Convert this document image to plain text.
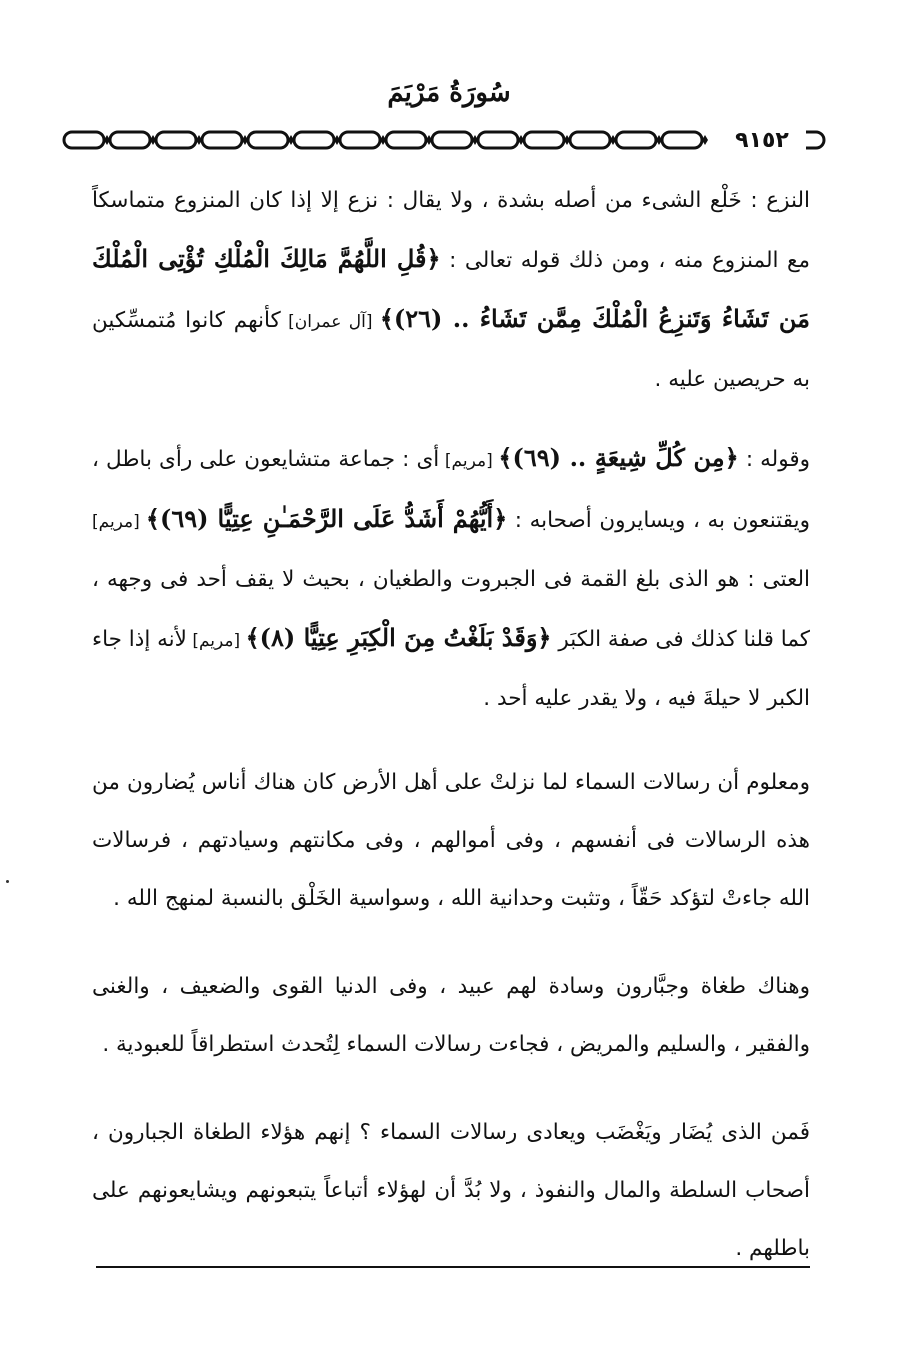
سُورَةُ مَرْيَمَ
٩١٥٢

النزع : خَلْع الشىء من أصله بشدة ، ولا يقال : نزع إلا إذا كان المنزوع متماسكاً مع المنزوع منه ، ومن ذلك قوله تعالى : ﴿قُلِ اللَّهُمَّ مَالِكَ الْمُلْكِ تُؤْتِى الْمُلْكَ مَن تَشَاءُ وَتَنزِعُ الْمُلْكَ مِمَّن تَشَاءُ .. (٢٦)﴾ [آل عمران] كأنهم كانوا مُتمسِّكين به حريصين عليه .

وقوله : ﴿مِن كُلِّ شِيعَةٍ .. (٦٩)﴾ [مريم] أى : جماعة متشايعون على رأى باطل ، ويقتنعون به ، ويسايرون أصحابه : ﴿أَيُّهُمْ أَشَدُّ عَلَى الرَّحْمَـٰنِ عِتِيًّا (٦٩)﴾ [مريم] العتى : هو الذى بلغ القمة فى الجبروت والطغيان ، بحيث لا يقف أحد فى وجهه ، كما قلنا كذلك فى صفة الكبَر ﴿وَقَدْ بَلَغْتُ مِنَ الْكِبَرِ عِتِيًّا (٨)﴾ [مريم] لأنه إذا جاء الكبر لا حيلةَ فيه ، ولا يقدر عليه أحد .

ومعلوم أن رسالات السماء لما نزلتْ على أهل الأرض كان هناك أناس يُضارون من هذه الرسالات فى أنفسهم ، وفى أموالهم ، وفى مكانتهم وسيادتهم ، فرسالات الله جاءتْ لتؤكد حَقّاً ، وتثبت وحدانية الله ، وسواسية الخَلْق بالنسبة لمنهج الله .

وهناك طغاة وجبَّارون وسادة لهم عبيد ، وفى الدنيا القوى والضعيف ، والغنى والفقير ، والسليم والمريض ، فجاءت رسالات السماء لِتُحدث استطراقاً للعبودية .

فَمن الذى يُضَار ويَغْضَب ويعادى رسالات السماء ؟ إنهم هؤلاء الطغاة الجبارون ، أصحاب السلطة والمال والنفوذ ، ولا بُدَّ أن لهؤلاء أتباعاً يتبعونهم ويشايعونهم على باطلهم .
